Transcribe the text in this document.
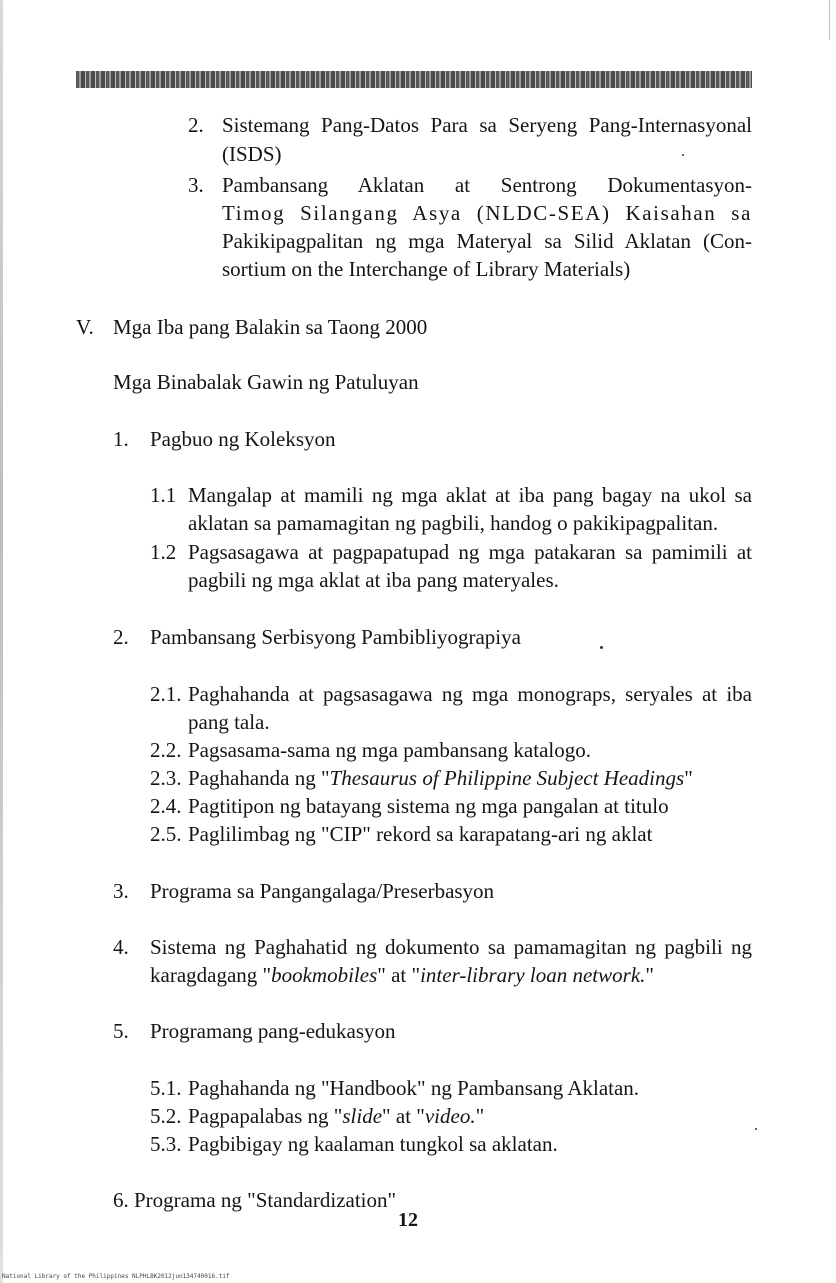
2. Sistemang Pang-Datos Para sa Seryeng Pang-Internasyonal
(ISDS)
3. Pambansang Aklatan at Sentrong Dokumentasyon-
Timog Silangang Asya (NLDC-SEA) Kaisahan sa
Pakikipagpalitan ng mga Materyal sa Silid Aklatan (Con-
sortium on the Interchange of Library Materials)
V. Mga Iba pang Balakin sa Taong 2000
Mga Binabalak Gawin ng Patuluyan
1. Pagbuo ng Koleksyon
1.1 Mangalap at mamili ng mga aklat at iba pang bagay na ukol sa
aklatan sa pamamagitan ng pagbili, handog o pakikipagpalitan.
1.2 Pagsasagawa at pagpapatupad ng mga patakaran sa pamimili at
pagbili ng mga aklat at iba pang materyales.
2. Pambansang Serbisyong Pambibliyograpiya
2.1. Paghahanda at pagsasagawa ng mga monograps, seryales at iba
pang tala.
2.2. Pagsasama-sama ng mga pambansang katalogo.
2.3. Paghahanda ng "Thesaurus of Philippine Subject Headings"
2.4. Pagtitipon ng batayang sistema ng mga pangalan at titulo
2.5. Paglilimbag ng "CIP" rekord sa karapatang-ari ng aklat
3. Programa sa Pangangalaga/Preserbasyon
4. Sistema ng Paghahatid ng dokumento sa pamamagitan ng pagbili ng
karagdagang "bookmobiles" at "inter-library loan network."
5. Programang pang-edukasyon
5.1. Paghahanda ng "Handbook" ng Pambansang Aklatan.
5.2. Pagpapalabas ng "slide" at "video."
5.3. Pagbibigay ng kaalaman tungkol sa aklatan.
6. Programa ng "Standardization"
12
National Library of the Philippines NLPHLBK2012jun134740016.tif
